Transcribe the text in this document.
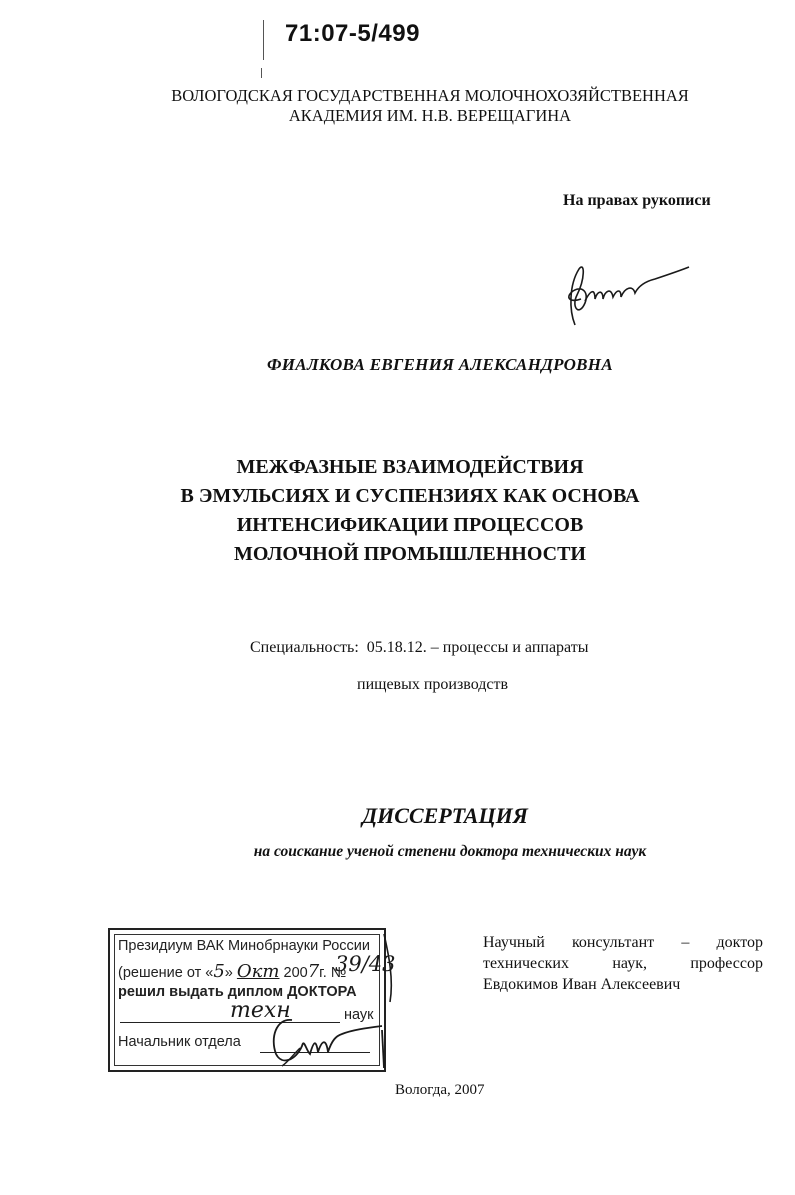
71:07-5/499
ВОЛОГОДСКАЯ ГОСУДАРСТВЕННАЯ МОЛОЧНОХОЗЯЙСТВЕННАЯ
АКАДЕМИЯ ИМ. Н.В. ВЕРЕЩАГИНА
На правах рукописи
ФИАЛКОВА ЕВГЕНИЯ АЛЕКСАНДРОВНА
МЕЖФАЗНЫЕ ВЗАИМОДЕЙСТВИЯ
В ЭМУЛЬСИЯХ И СУСПЕНЗИЯХ КАК ОСНОВА
ИНТЕНСИФИКАЦИИ ПРОЦЕССОВ
МОЛОЧНОЙ ПРОМЫШЛЕННОСТИ
Специальность:  05.18.12. – процессы и аппараты
пищевых производств
ДИССЕРТАЦИЯ
на соискание ученой степени доктора технических наук
Президиум ВАК Минобрнауки России
(решение от «5» Окт 2007г. №
решил выдать диплом ДОКТОРА
техн	наук
Начальник отдела
39/43
Научный консультант – доктор
технических наук, профессор
Евдокимов Иван Алексеевич
Вологда, 2007
